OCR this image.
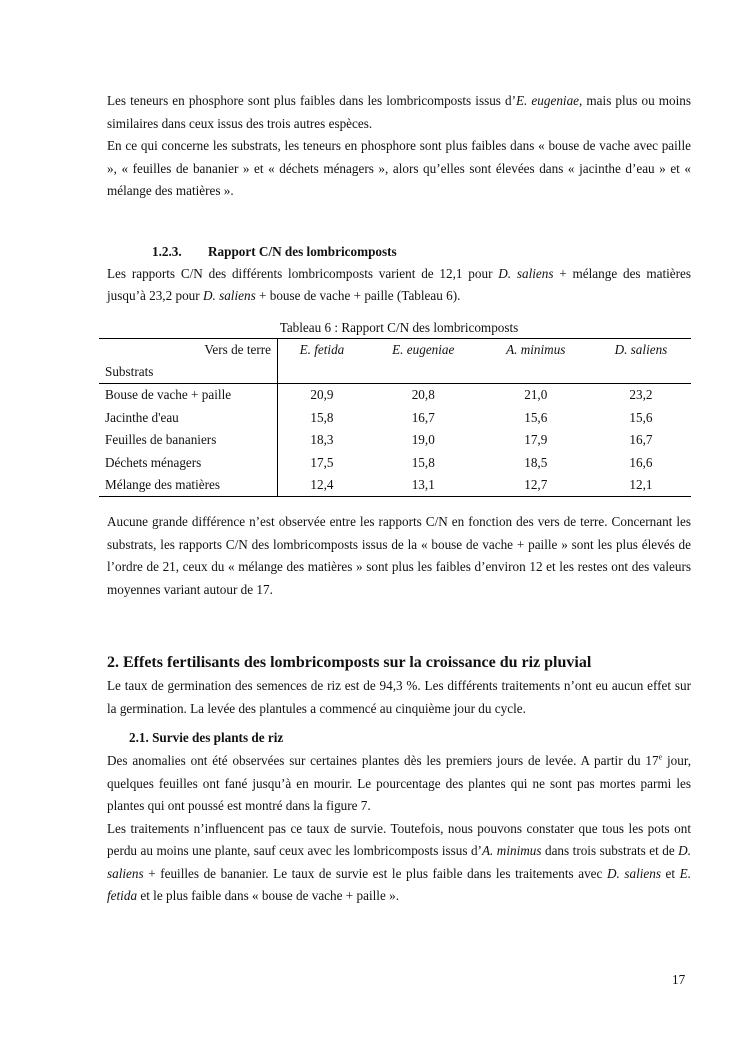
Les teneurs en phosphore sont plus faibles dans les lombricomposts issus d’E. eugeniae, mais plus ou moins similaires dans ceux issus des trois autres espèces.

En ce qui concerne les substrats, les teneurs en phosphore sont plus faibles dans « bouse de vache avec paille », « feuilles de bananier » et « déchets ménagers », alors qu’elles sont élevées dans « jacinthe d’eau » et « mélange des matières ».

1.2.3. Rapport C/N des lombricomposts

Les rapports C/N des différents lombricomposts varient de 12,1 pour D. saliens + mélange des matières jusqu’à 23,2 pour D. saliens + bouse de vache + paille (Tableau 6).

Tableau 6 : Rapport C/N des lombricomposts
Vers de terre	E. fetida	E. eugeniae	A. minimus	D. saliens
Substrats				
Bouse de vache + paille	20,9	20,8	21,0	23,2
Jacinthe d'eau	15,8	16,7	15,6	15,6
Feuilles de bananiers	18,3	19,0	17,9	16,7
Déchets ménagers	17,5	15,8	18,5	16,6
Mélange des matières	12,4	13,1	12,7	12,1

Aucune grande différence n’est observée entre les rapports C/N en fonction des vers de terre. Concernant les substrats, les rapports C/N des lombricomposts issus de la « bouse de vache + paille » sont les plus élevés de l’ordre de 21, ceux du « mélange des matières » sont plus les faibles d’environ 12 et les restes ont des valeurs moyennes variant autour de 17.

2. Effets fertilisants des lombricomposts sur la croissance du riz pluvial

Le taux de germination des semences de riz est de 94,3 %. Les différents traitements n’ont eu aucun effet sur la germination. La levée des plantules a commencé au cinquième jour du cycle.

2.1. Survie des plants de riz

Des anomalies ont été observées sur certaines plantes dès les premiers jours de levée. A partir du 17e jour, quelques feuilles ont fané jusqu’à en mourir. Le pourcentage des plantes qui ne sont pas mortes parmi les plantes qui ont poussé est montré dans la figure 7.

Les traitements n’influencent pas ce taux de survie. Toutefois, nous pouvons constater que tous les pots ont perdu au moins une plante, sauf ceux avec les lombricomposts issus d’A. minimus dans trois substrats et de D. saliens + feuilles de bananier. Le taux de survie est le plus faible dans les traitements avec D. saliens et E. fetida et le plus faible dans « bouse de vache + paille ».

17
